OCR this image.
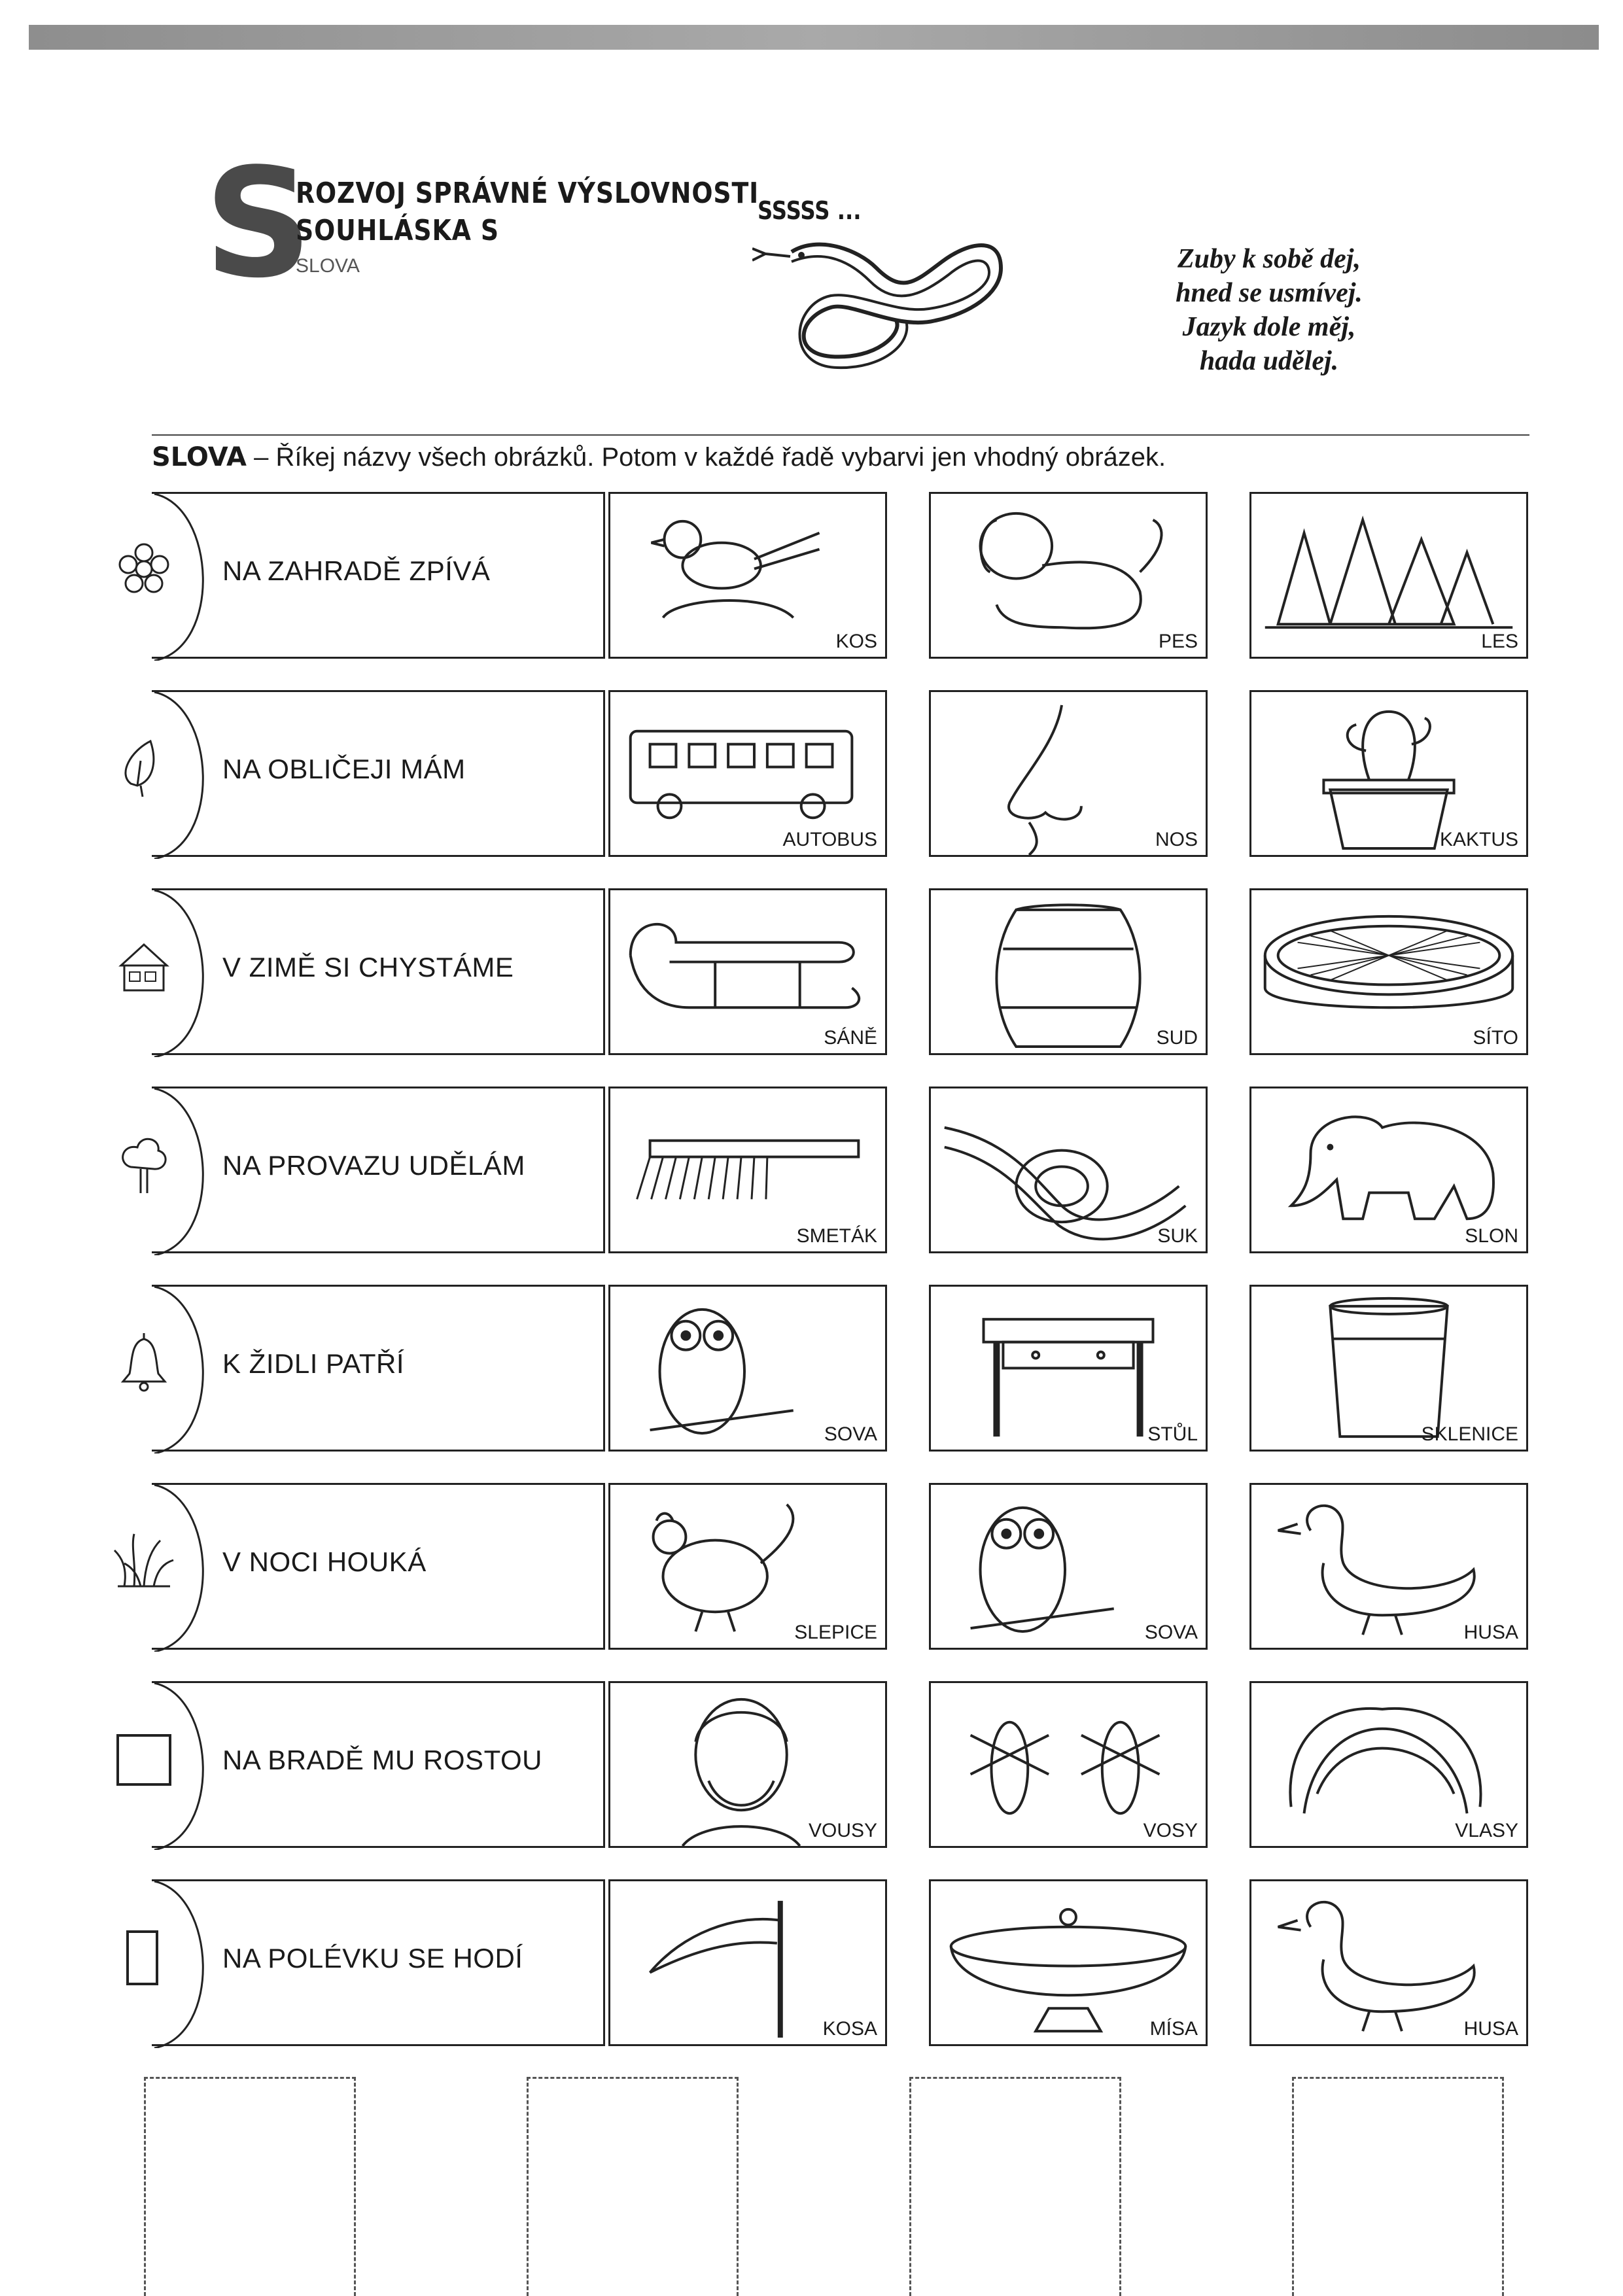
S
ROZVOJ SPRÁVNÉ VÝSLOVNOSTI
SOUHLÁSKA S
SLOVA
SSSSS ...
Zuby k sobě dej,
hned se usmívej.
Jazyk dole měj,
hada udělej.
SLOVA – Říkej názvy všech obrázků. Potom v každé řadě vybarvi jen vhodný obrázek.
NA ZAHRADĚ ZPÍVÁ
KOS	PES	LES
NA OBLIČEJI MÁM
AUTOBUS	NOS	KAKTUS
V ZIMĚ SI CHYSTÁME
SÁNĚ	SUD	SÍTO
NA PROVAZU UDĚLÁM
SMETÁK	SUK	SLON
K ŽIDLI PATŘÍ
SOVA	STŮL	SKLENICE
V NOCI HOUKÁ
SLEPICE	SOVA	HUSA
NA BRADĚ MU ROSTOU
VOUSY	VOSY	VLASY
NA POLÉVKU SE HODÍ
KOSA	MÍSA	HUSA
